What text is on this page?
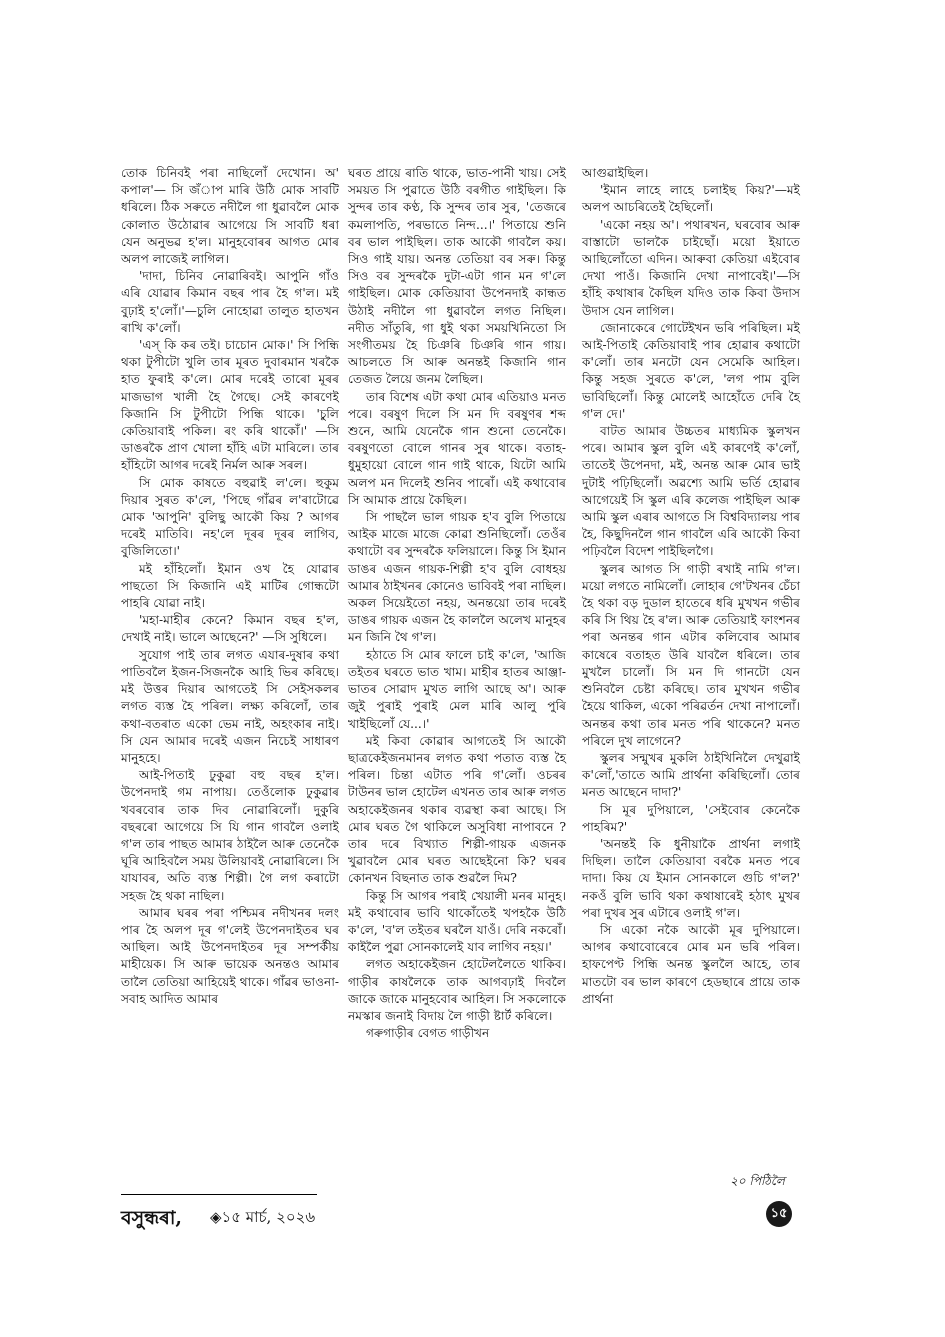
তোক চিনিবই পৰা নাছিলোঁ দেখোন। অ' কপাল'— সি জঁাপ মাৰি উঠি মোক সাবটি ধৰিলে। ঠিক সৰুতে নদীলৈ গা ধুৱাবলৈ মোক কোলাত উঠোৱাৰ আগেয়ে সি সাবটি ধৰা যেন অনুভৱ হ'ল। মানুহবোৰৰ আগত মোৰ অলপ লাজেই লাগিল।

'দাদা, চিনিব নোৱাৰিবই। আপুনি গাঁও এৰি যোৱাৰ কিমান বছৰ পাৰ হৈ গ'ল। মই বুঢ়াই হ'লোঁ।'—চুলি নোহোৱা তালুত হাতখন ৰাখি ক'লোঁ।

'এস্ কি কৰ তই। চাচোন মোক।' সি পিন্ধি থকা টুপীটো খুলি তাৰ মূৰত দুবাৰমান খৰকৈ হাত ফুৰাই ক'লে। মোৰ দৰেই তাৰো মূৰৰ মাজভাগ খালী হৈ গৈছে। সেই কাৰণেই কিজানি সি টুপীটো পিন্ধি থাকে। 'চুলি কেতিয়াবাই পকিল। ৰং কৰি থাকোঁ।' —সি ডাঙৰকৈ প্ৰাণ খোলা হাঁহি এটা মাৰিলে। তাৰ হাঁহিটো আগৰ দৰেই নিৰ্মল আৰু সৰল।

সি মোক কাষতে বহুৱাই ল'লে। হুকুম দিয়াৰ সুৰত ক'লে, 'পিছে গাঁৱৰ ল'ৰাটোৱে মোক 'আপুনি' বুলিছু আকৌ কিয় ? আগৰ দৰেই মাতিবি। নহ'লে দূৰৰ দূৰৰ লাগিব, বুজিলিতো।'

মই হাঁহিলোঁ। ইমান ওখ হৈ যোৱাৰ পাছতো সি কিজানি এই মাটিৰ গোন্ধটো পাহৰি যোৱা নাই।

'মহা-মাহীৰ কেনে? কিমান বছৰ হ'ল, দেখাই নাই। ভালে আছেনে?' —সি সুধিলে।

সুযোগ পাই তাৰ লগত এযাৰ-দুষাৰ কথা পাতিবলৈ ইজন-সিজনকৈ আহি ভিৰ কৰিছে। মই উত্তৰ দিয়াৰ আগতেই সি সেইসকলৰ লগত ব্যস্ত হৈ পৰিল। লক্ষ্য কৰিলোঁ, তাৰ কথা-বতৰাত একো ভেম নাই, অহংকাৰ নাই। সি যেন আমাৰ দৰেই এজন নিচেই সাধাৰণ মানুহহে।

আই-পিতাই ঢুকুৱা বহু বছৰ হ'ল। উপেনদাই গম নাপায়। তেওঁলোক ঢুকুৱাৰ খবৰবোৰ তাক দিব নোৱাৰিলোঁ। দুকুৰি বছৰৰো আগেয়ে সি যি গান গাবলৈ ওলাই গ'ল তাৰ পাছত আমাৰ ঠাইলৈ আৰু তেনেকৈ ঘূৰি আহিবলৈ সময় উলিয়াবই নোৱাৰিলে। সি যাযাবৰ, অতি ব্যস্ত শিল্পী। গৈ লগ কৰাটো সহজ হৈ থকা নাছিল।

আমাৰ ঘৰৰ পৰা পশ্চিমৰ নদীখনৰ দলং পাৰ হৈ অলপ দূৰ গ'লেই উপেনদাইতৰ ঘৰ আছিল। আই উপেনদাইতৰ দূৰ সম্পৰ্কীয় মাহীয়েক। সি আৰু ভায়েক অনন্তও আমাৰ তালৈ তেতিয়া আহিয়েই থাকে। গাঁৱৰ ভাওনা-সবাহ আদিত আমাৰ

ঘৰত প্ৰায়ে ৰাতি থাকে, ভাত-পানী খায়। সেই সময়ত সি পুৱাতে উঠি বৰগীত গাইছিল। কি সুন্দৰ তাৰ কণ্ঠ, কি সুন্দৰ তাৰ সুৰ, 'তেজৰে কমলাপতি, পৰভাতে নিন্দ...।' পিতায়ে শুনি বৰ ভাল পাইছিল। তাক আকৌ গাবলৈ কয়। সিও গাই যায়। অনন্ত তেতিয়া বৰ সৰু। কিন্তু সিও বৰ সুন্দৰকৈ দুটা-এটা গান মন গ'লে গাইছিল। মোক কেতিয়াবা উপেনদাই কান্ধত উঠাই নদীলৈ গা ধুৱাবলৈ লগত নিছিল। নদীত সাঁতুৰি, গা ধুই থকা সময়খিনিতো সি সংগীতময় হৈ চিঞৰি চিঞৰি গান গায়। আচলতে সি আৰু অনন্তই কিজানি গান তেজত লৈয়ে জনম লৈছিল।

তাৰ বিশেষ এটা কথা মোৰ এতিয়াও মনত পৰে। বৰষুণ দিলে সি মন দি বৰষুণৰ শব্দ শুনে, আমি যেনেকৈ গান শুনো তেনেকৈ। বৰষুণতো বোলে গানৰ সুৰ থাকে। বতাহ-ধুমুহায়ো বোলে গান গাই থাকে, যিটো আমি অলপ মন দিলেই শুনিব পাৰোঁ। এই কথাবোৰ সি আমাক প্ৰায়ে কৈছিল।

সি পাছলৈ ভাল গায়ক হ'ব বুলি পিতায়ে আইক মাজে মাজে কোৱা শুনিছিলোঁ। তেওঁৰ কথাটো বৰ সুন্দৰকৈ ফলিয়ালে। কিন্তু সি ইমান ডাঙৰ এজন গায়ক-শিল্পী হ'ব বুলি বোধহয় আমাৰ ঠাইখনৰ কোনেও ভাবিবই পৰা নাছিল। অকল সিয়েইতো নহয়, অনন্তয়ো তাৰ দৰেই ডাঙৰ গায়ক এজন হৈ কাললৈ অলেখ মানুহৰ মন জিনি থৈ গ'ল।

হঠাতে সি মোৰ ফালে চাই ক'লে, 'আজি তইতৰ ঘৰতে ভাত খাম। মাহীৰ হাতৰ আঞ্জা-ভাতৰ সোৱাদ মুখত লাগি আছে অ'। আৰু জুই পুৰাই পুৰাই মেল মাৰি আলু পুৰি খাইছিলোঁ যে...।'

মই কিবা কোৱাৰ আগতেই সি আকৌ ছাত্ৰকেইজনমানৰ লগত কথা পতাত ব্যস্ত হৈ পৰিল। চিন্তা এটাত পৰি গ'লোঁ। ওচৰৰ টাউনৰ ভাল হোটেল এখনত তাৰ আৰু লগত অহাকেইজনৰ থকাৰ ব্যৱস্থা কৰা আছে। সি মোৰ ঘৰত গৈ থাকিলে অসুবিধা নাপাবনে ? তাৰ দৰে বিখ্যাত শিল্পী-গায়ক এজনক খুৱাবলৈ মোৰ ঘৰত আছেইনো কি? ঘৰৰ কোনখন বিছনাত তাক শুৱলৈ দিম?

কিন্তু সি আগৰ পৰাই খেয়ালী মনৰ মানুহ। মই কথাবোৰ ভাবি থাকোঁতেই খপহকৈ উঠি ক'লে, 'ব'ল তইতৰ ঘৰলৈ যাওঁ। দেৰি নকৰোঁ। কাইলৈ পুৱা সোনকালেই যাব লাগিব নহয়।'

লগত অহাকেইজন হোটেললৈতে থাকিব। গাড়ীৰ কাষলৈকে তাক আগবঢ়াই দিবলৈ জাকে জাকে মানুহবোৰ আহিল। সি সকলোকে নমস্কাৰ জনাই বিদায় লৈ গাড়ী ষ্টাৰ্ট কৰিলে।

গৰুগাড়ীৰ বেগত গাড়ীখন

আগুৱাইছিল।

'ইমান লাহে লাহে চলাইছ কিয়?'—মই অলপ আচৰিতেই হৈছিলোঁ।

'একো নহয় অ'। পথাৰখন, ঘৰবোৰ আৰু বাস্তাটো ভালকৈ চাইছোঁ। ময়ো ইয়াতে আছিলোঁতো এদিন। আৰুবা কেতিয়া এইবোৰ দেখা পাওঁ। কিজানি দেখা নাপাবেই।'—সি হাঁহি কথাষাৰ কৈছিল যদিও তাক কিবা উদাস উদাস যেন লাগিল।

জোনাকেৰে গোটেইখন ভৰি পৰিছিল। মই আই-পিতাই কেতিয়াবাই পাৰ হোৱাৰ কথাটো ক'লোঁ। তাৰ মনটো যেন সেমেকি আহিল। কিন্তু সহজ সুৰতে ক'লে, 'লগ পাম বুলি ভাবিছিলোঁ। কিন্তু মোলেই আহোঁতে দেৰি হৈ গ'ল দে।'

বাটত আমাৰ উচ্চতৰ মাধ্যমিক স্কুলখন পৰে। আমাৰ স্কুল বুলি এই কাৰণেই ক'লোঁ, তাতেই উপেনদা, মই, অনন্ত আৰু মোৰ ভাই দুটাই পঢ়িছিলোঁ। অৱশ্যে আমি ভৰ্তি হোৱাৰ আগেয়েই সি স্কুল এৰি কলেজ পাইছিল আৰু আমি স্কুল এৰাৰ আগতে সি বিশ্ববিদ্যালয় পাৰ হৈ, কিছুদিনলৈ গান গাবলৈ এৰি আকৌ কিবা পঢ়িবলৈ বিদেশ পাইছিলগৈ।

স্কুলৰ আগত সি গাড়ী ৰখাই নামি গ'ল। ময়ো লগতে নামিলোঁ। লোহাৰ গে'টখনৰ চেঁচা হৈ থকা বড় দুডাল হাতেৰে ধৰি মুখখন গভীৰ কৰি সি থিয় হৈ ৰ'ল। আৰু তেতিয়াই ফাংশনৰ পৰা অনন্তৰ গান এটাৰ কলিবোৰ আমাৰ কাষেৰে বতাহত উৰি যাবলৈ ধৰিলে। তাৰ মুখলৈ চালোঁ। সি মন দি গানটো যেন শুনিবলৈ চেষ্টা কৰিছে। তাৰ মুখখন গভীৰ হৈয়ে থাকিল, একো পৰিৱৰ্তন দেখা নাপালোঁ। অনন্তৰ কথা তাৰ মনত পৰি থাকেনে? মনত পৰিলে দুখ লাগেনে?

স্কুলৰ সন্মুখৰ মুকলি ঠাইখিনিলৈ দেখুৱাই ক'লোঁ,'তাতে আমি প্ৰাৰ্থনা কৰিছিলোঁ। তোৰ মনত আছেনে দাদা?'

সি মূৰ দুপিয়ালে, 'সেইবোৰ কেনেকৈ পাহৰিম?'

'অনন্তই কি ধুনীয়াকৈ প্ৰাৰ্থনা লগাই দিছিল। তালৈ কেতিয়াবা বৰকৈ মনত পৰে দাদা। কিয় যে ইমান সোনকালে গুচি গ'ল?' নকওঁ বুলি ভাবি থকা কথাষাৰেই হঠাৎ মুখৰ পৰা দুখৰ সুৰ এটাৰে ওলাই গ'ল।

সি একো নকৈ আকৌ মূৰ দুপিয়ালে। আগৰ কথাবোৰেৰে মোৰ মন ভৰি পৰিল। হাফপেণ্ট পিন্ধি অনন্ত স্কুললৈ আহে, তাৰ মাতটো বৰ ভাল কাৰণে হেডছাৰে প্ৰায়ে তাক প্ৰাৰ্থনা

২০ পিঠিলৈ
বসুন্ধৰা, ◈১৫ মাৰ্চ, ২০২৬	১৫
